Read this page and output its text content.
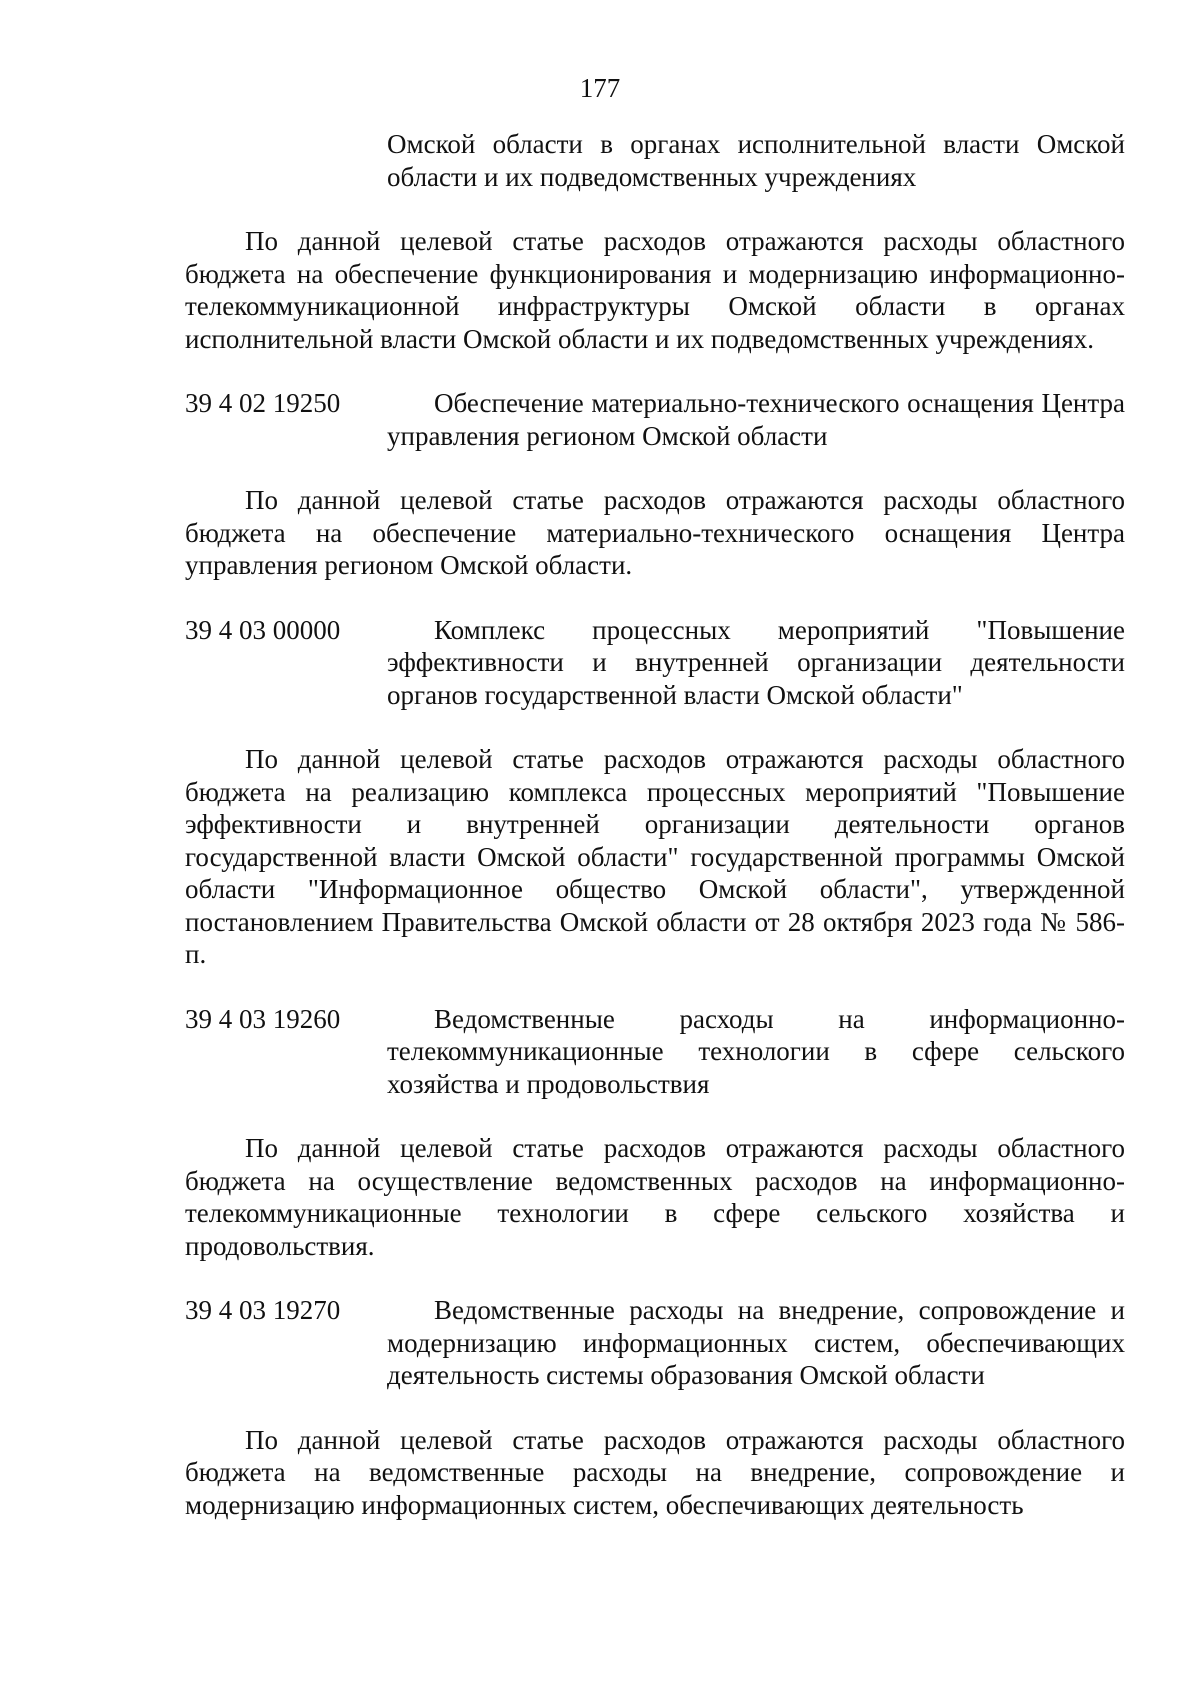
177
Омской области в органах исполнительной власти Омской области и их подведомственных учреждениях

По данной целевой статье расходов отражаются расходы областного бюджета на обеспечение функционирования и модернизацию информационно-телекоммуникационной инфраструктуры Омской области в органах исполнительной власти Омской области и их подведомственных учреждениях.

39 4 02 19250	Обеспечение материально-технического оснащения Центра управления регионом Омской области

По данной целевой статье расходов отражаются расходы областного бюджета на обеспечение материально-технического оснащения Центра управления регионом Омской области.

39 4 03 00000	Комплекс процессных мероприятий "Повышение эффективности и внутренней организации деятельности органов государственной власти Омской области"

По данной целевой статье расходов отражаются расходы областного бюджета на реализацию комплекса процессных мероприятий "Повышение эффективности и внутренней организации деятельности органов государственной власти Омской области" государственной программы Омской области "Информационное общество Омской области", утвержденной постановлением Правительства Омской области от 28 октября 2023 года № 586-п.

39 4 03 19260	Ведомственные расходы на информационно-телекоммуникационные технологии в сфере сельского хозяйства и продовольствия

По данной целевой статье расходов отражаются расходы областного бюджета на осуществление ведомственных расходов на информационно-телекоммуникационные технологии в сфере сельского хозяйства и продовольствия.

39 4 03 19270	Ведомственные расходы на внедрение, сопровождение и модернизацию информационных систем, обеспечивающих деятельность системы образования Омской области

По данной целевой статье расходов отражаются расходы областного бюджета на ведомственные расходы на внедрение, сопровождение и модернизацию информационных систем, обеспечивающих деятельность
